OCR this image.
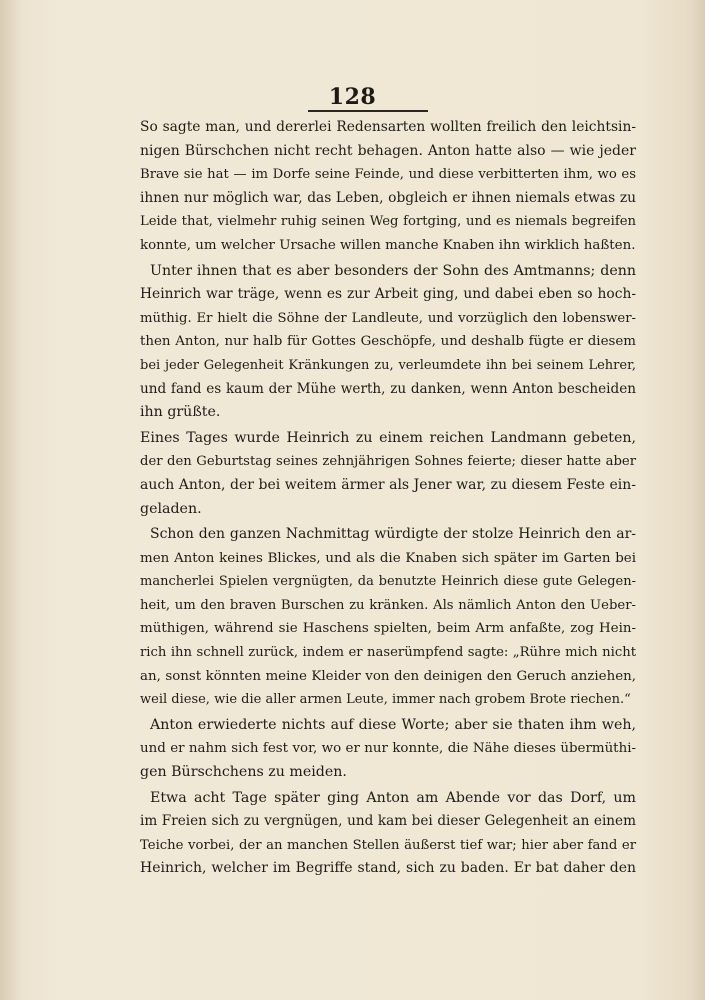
128
So sagte man, und dererlei Redensarten wollten freilich den leichtsin-
nigen Bürschchen nicht recht behagen. Anton hatte also — wie jeder
Brave sie hat — im Dorfe seine Feinde, und diese verbitterten ihm, wo es
ihnen nur möglich war, das Leben, obgleich er ihnen niemals etwas zu
Leide that, vielmehr ruhig seinen Weg fortging, und es niemals begreifen
konnte, um welcher Ursache willen manche Knaben ihn wirklich haßten.
Unter ihnen that es aber besonders der Sohn des Amtmanns; denn
Heinrich war träge, wenn es zur Arbeit ging, und dabei eben so hoch-
müthig. Er hielt die Söhne der Landleute, und vorzüglich den lobenswer-
then Anton, nur halb für Gottes Geschöpfe, und deshalb fügte er diesem
bei jeder Gelegenheit Kränkungen zu, verleumdete ihn bei seinem Lehrer,
und fand es kaum der Mühe werth, zu danken, wenn Anton bescheiden
ihn grüßte.
Eines Tages wurde Heinrich zu einem reichen Landmann gebeten,
der den Geburtstag seines zehnjährigen Sohnes feierte; dieser hatte aber
auch Anton, der bei weitem ärmer als Jener war, zu diesem Feste ein-
geladen.
Schon den ganzen Nachmittag würdigte der stolze Heinrich den ar-
men Anton keines Blickes, und als die Knaben sich später im Garten bei
mancherlei Spielen vergnügten, da benutzte Heinrich diese gute Gelegen-
heit, um den braven Burschen zu kränken. Als nämlich Anton den Ueber-
müthigen, während sie Haschens spielten, beim Arm anfaßte, zog Hein-
rich ihn schnell zurück, indem er naserümpfend sagte: „Rühre mich nicht
an, sonst könnten meine Kleider von den deinigen den Geruch anziehen,
weil diese, wie die aller armen Leute, immer nach grobem Brote riechen.“
Anton erwiederte nichts auf diese Worte; aber sie thaten ihm weh,
und er nahm sich fest vor, wo er nur konnte, die Nähe dieses übermüthi-
gen Bürschchens zu meiden.
Etwa acht Tage später ging Anton am Abende vor das Dorf, um
im Freien sich zu vergnügen, und kam bei dieser Gelegenheit an einem
Teiche vorbei, der an manchen Stellen äußerst tief war; hier aber fand er
Heinrich, welcher im Begriffe stand, sich zu baden. Er bat daher den
